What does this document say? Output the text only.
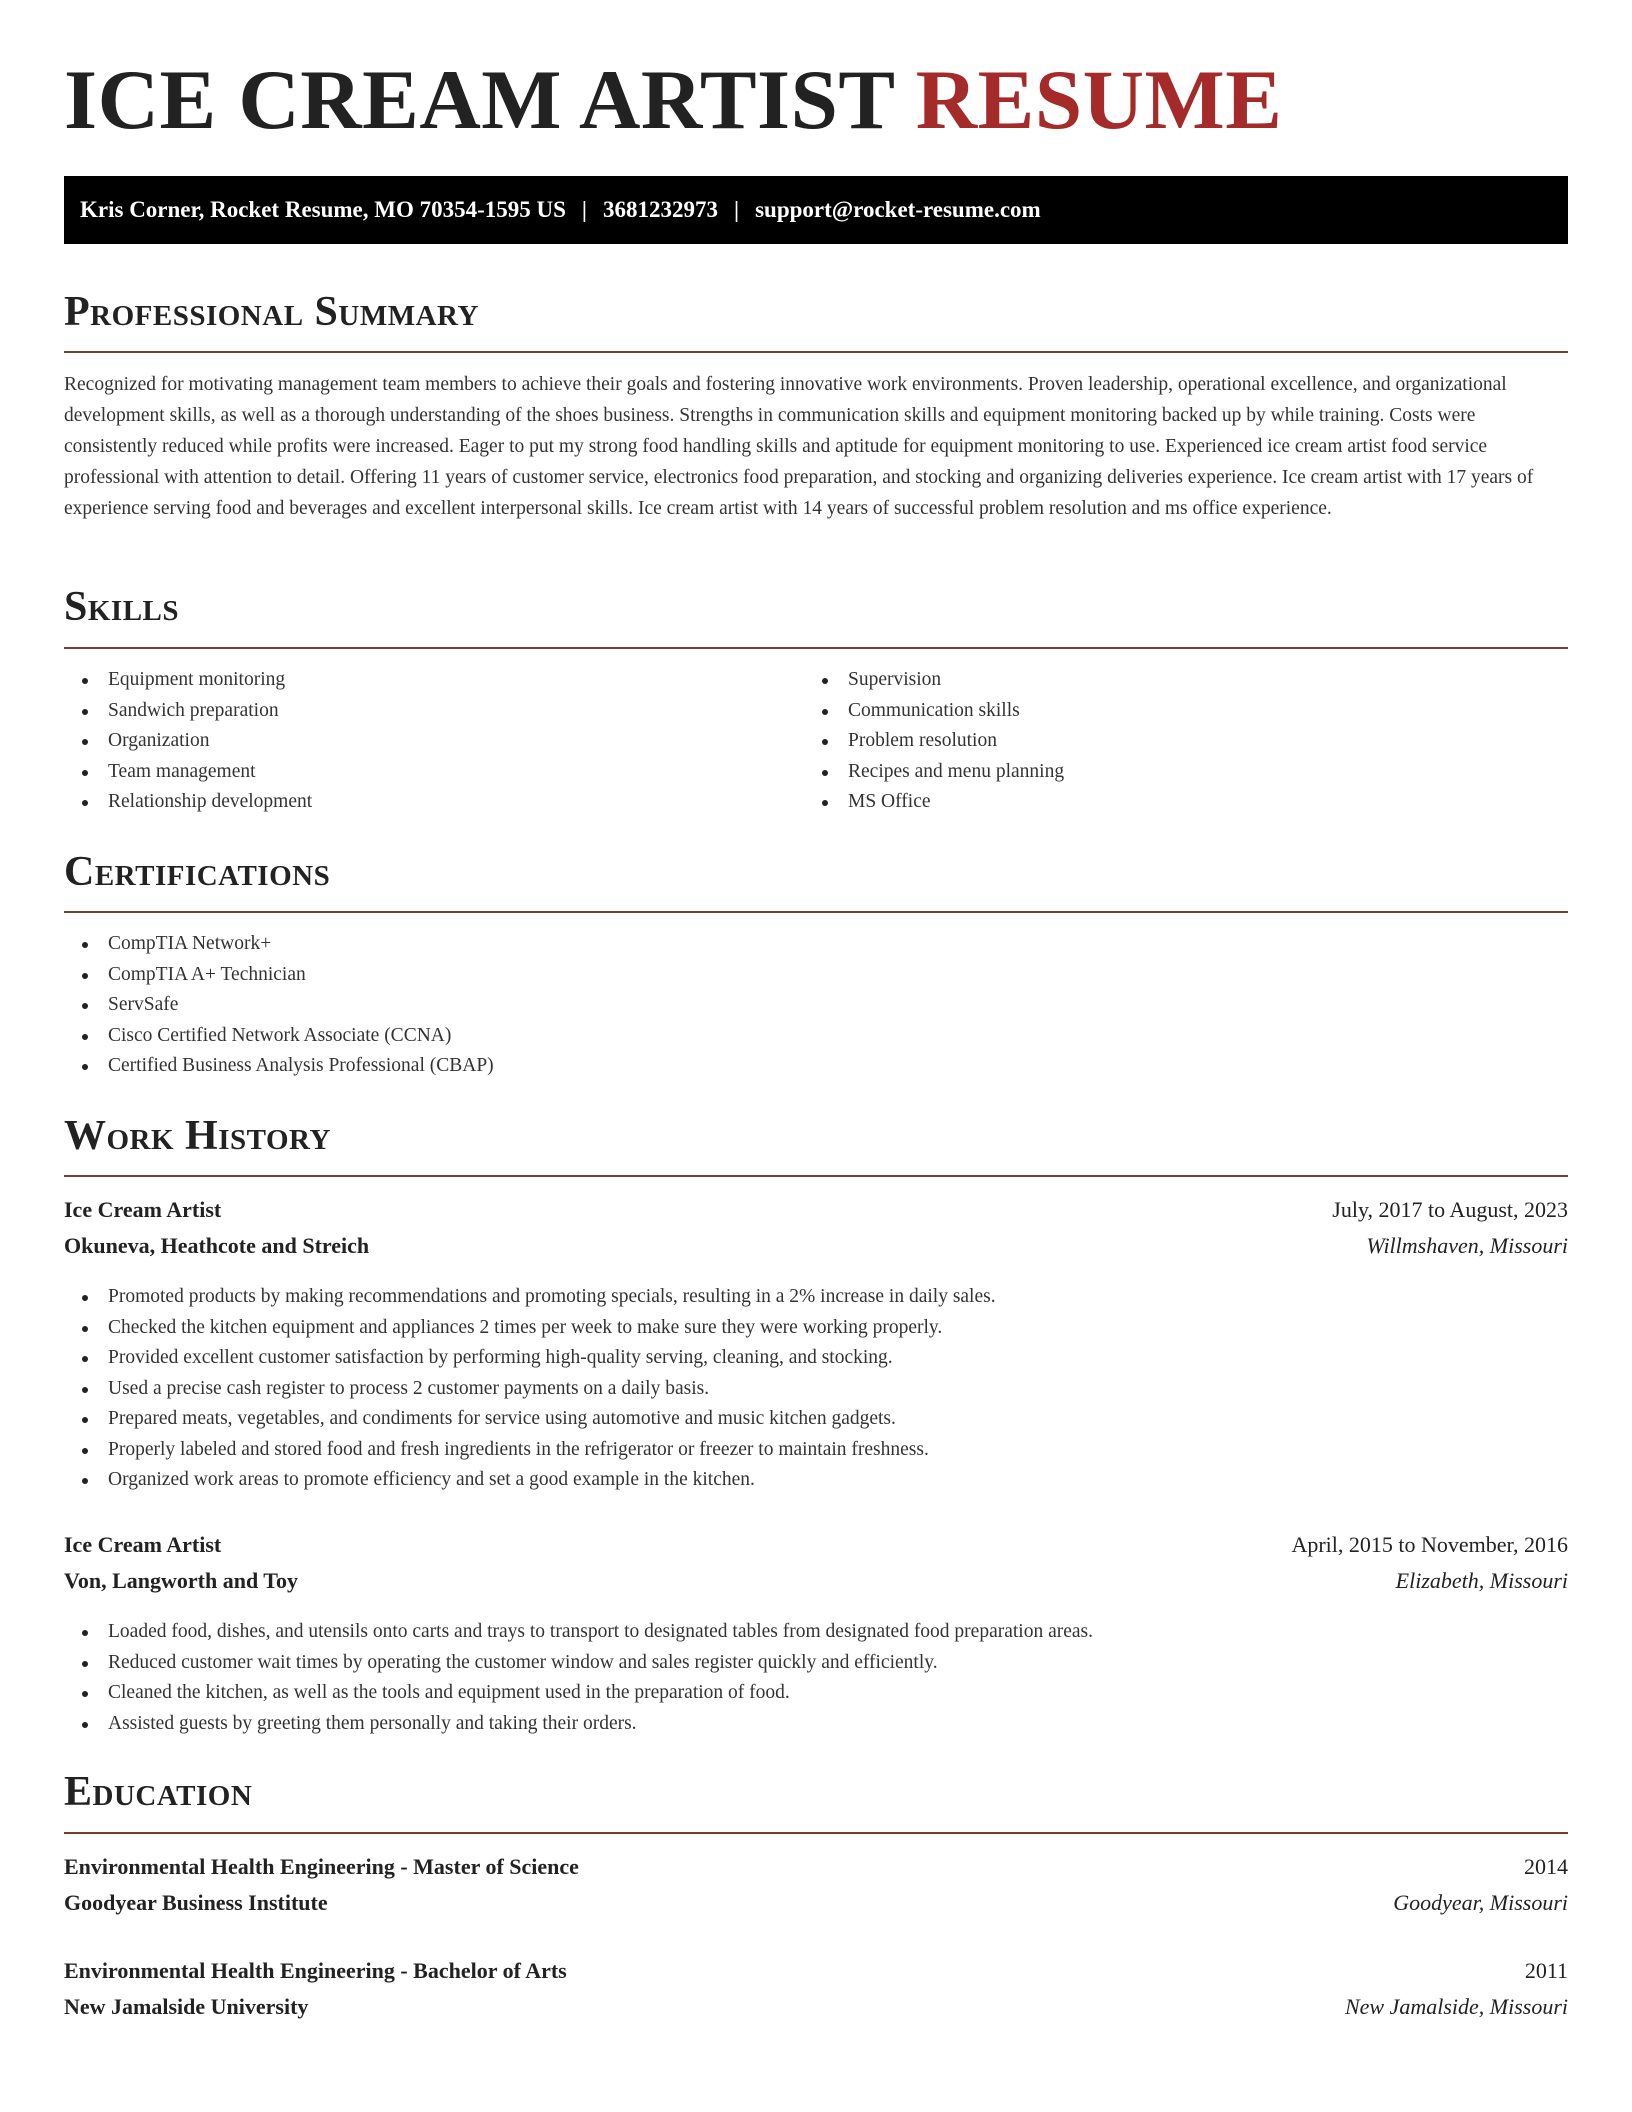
ICE CREAM ARTIST RESUME
Kris Corner, Rocket Resume, MO 70354-1595 US | 3681232973 | support@rocket-resume.com
Professional Summary

Recognized for motivating management team members to achieve their goals and fostering innovative work environments. Proven leadership, operational excellence, and organizational development skills, as well as a thorough understanding of the shoes business. Strengths in communication skills and equipment monitoring backed up by while training. Costs were consistently reduced while profits were increased. Eager to put my strong food handling skills and aptitude for equipment monitoring to use. Experienced ice cream artist food service professional with attention to detail. Offering 11 years of customer service, electronics food preparation, and stocking and organizing deliveries experience. Ice cream artist with 17 years of experience serving food and beverages and excellent interpersonal skills. Ice cream artist with 14 years of successful problem resolution and ms office experience.

Skills
Equipment monitoring
Sandwich preparation
Organization
Team management
Relationship development
Supervision
Communication skills
Problem resolution
Recipes and menu planning
MS Office
Certifications
CompTIA Network+
CompTIA A+ Technician
ServSafe
Cisco Certified Network Associate (CCNA)
Certified Business Analysis Professional (CBAP)
Work History
Ice Cream Artist	July, 2017 to August, 2023
Okuneva, Heathcote and Streich	Willmshaven, Missouri
Promoted products by making recommendations and promoting specials, resulting in a 2% increase in daily sales.
Checked the kitchen equipment and appliances 2 times per week to make sure they were working properly.
Provided excellent customer satisfaction by performing high-quality serving, cleaning, and stocking.
Used a precise cash register to process 2 customer payments on a daily basis.
Prepared meats, vegetables, and condiments for service using automotive and music kitchen gadgets.
Properly labeled and stored food and fresh ingredients in the refrigerator or freezer to maintain freshness.
Organized work areas to promote efficiency and set a good example in the kitchen.
Ice Cream Artist	April, 2015 to November, 2016
Von, Langworth and Toy	Elizabeth, Missouri
Loaded food, dishes, and utensils onto carts and trays to transport to designated tables from designated food preparation areas.
Reduced customer wait times by operating the customer window and sales register quickly and efficiently.
Cleaned the kitchen, as well as the tools and equipment used in the preparation of food.
Assisted guests by greeting them personally and taking their orders.
Education
Environmental Health Engineering - Master of Science	2014
Goodyear Business Institute	Goodyear, Missouri
Environmental Health Engineering - Bachelor of Arts	2011
New Jamalside University	New Jamalside, Missouri
